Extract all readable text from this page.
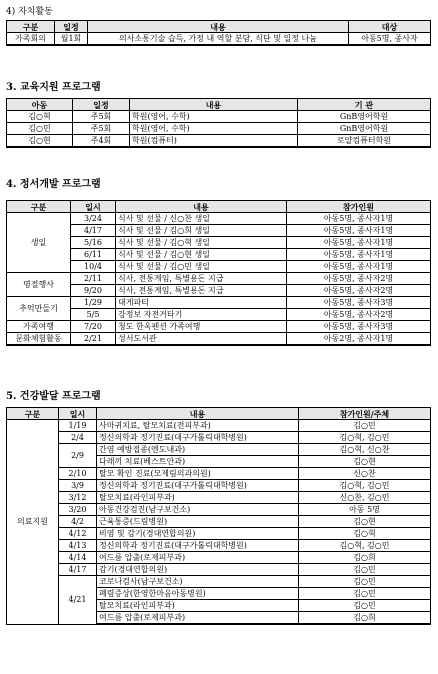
4) 자치활동
구분	일정	내용	대상
가족회의	월1회	의사소통기술 습득, 가정 내 역할 분담, 식단 및 일정 나눔	아동5명, 종사자
3. 교육지원 프로그램
아동	일정	내용	기 관
김○혁	주5회	학원(영어, 수학)	GnB영어학원
김○민	주5회	학원(영어, 수학)	GnB영어학원
김○현	주4회	학원(컴퓨터)	로얄컴퓨터학원
4. 정서개발 프로그램
구분	일시	내용	참가인원
생일	3/24	식사 및 선물 / 신○찬 생일	아동5명, 종사자1명
	4/17	식사 및 선물 / 김○희 생일	아동5명, 종사자1명
	5/16	식사 및 선물 / 김○혁 생일	아동5명, 종사자1명
	6/11	식사 및 선물 / 김○현 생일	아동5명, 종사자1명
	10/4	식사 및 선물 / 김○민 생일	아동5명, 종사자1명
명절행사	2/11	식사, 전통게임, 특별용돈 지급	아동5명, 종사자2명
	9/20	식사, 전통게임, 특별용돈 지급	아동5명, 종사자2명
추억만들기	1/29	대게파티	아동5명, 종사자3명
	5/5	강정보 자전거타기	아동5명, 종사자2명
가족여행	7/20	청도 한옥펜션 가족여행	아동5명, 종사자3명
문화체험활동	2/21	성서도서관	아동2명, 종사자1명
5. 건강발달 프로그램
구분	일시	내용	참가인원/주체
의료지원	1/19	사마귀치료, 탈모치료(전피부과)	김○민
	2/4	정신의학과 정기진료(대구가톨릭대학병원)	김○혁, 김○민
	2/9	간염 예방접종(엔도내과)	김○혁, 신○찬
		다래끼 치료(베스트안과)	김○현
	2/10	탈모 확인 진료(모제림의과의원)	신○찬
	3/9	정신의학과 정기진료(대구가톨릭대학병원)	김○혁, 김○민
	3/12	탈모치료(라인피부과)	신○찬, 김○민
	3/20	아동건강검진(남구보건소)	아동 5명
	4/2	근육통증(드림병원)	김○현
	4/12	비염 및 감기(경대연합의원)	김○혁
	4/13	정신의학과 정기진료(대구가톨릭대학병원)	김○혁, 김○민
	4/14	여드름 압출(로제피부과)	김○희
	4/17	감기(경대연합의원)	김○민
	4/21	코로나검사(남구보건소)	김○민
		폐렴증상(한영한마음아동병원)	김○민
		탈모치료(라인피부과)	김○민
		여드름 압출(로제피부과)	김○희
